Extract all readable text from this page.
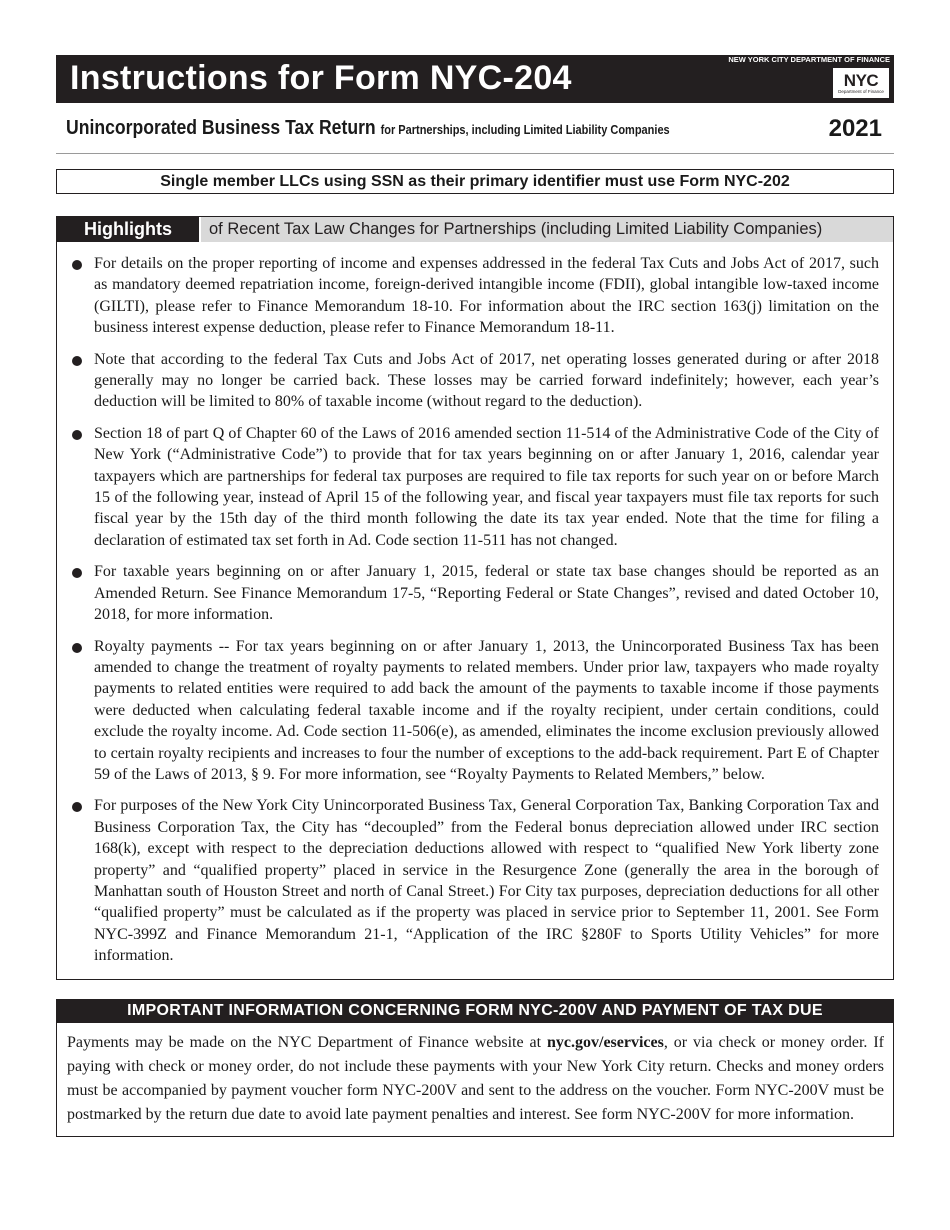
Instructions for Form NYC-204	NEW YORK CITY DEPARTMENT OF FINANCE
NYC
Department of Finance
Unincorporated Business Tax Return for Partnerships, including Limited Liability Companies	2021
Single member LLCs using SSN as their primary identifier must use Form NYC-202
Highlights	of Recent Tax Law Changes for Partnerships (including Limited Liability Companies)
For details on the proper reporting of income and expenses addressed in the federal Tax Cuts and Jobs Act of 2017, such as mandatory deemed repatriation income, foreign-derived intangible income (FDII), global intangible low-taxed income (GILTI), please refer to Finance Memorandum 18-10. For information about the IRC section 163(j) limitation on the business interest expense deduction, please refer to Finance Memorandum 18-11.
Note that according to the federal Tax Cuts and Jobs Act of 2017, net operating losses generated during or after 2018 generally may no longer be carried back. These losses may be carried forward indefinitely; however, each year’s deduction will be limited to 80% of taxable income (without regard to the deduction).
Section 18 of part Q of Chapter 60 of the Laws of 2016 amended section 11-514 of the Administrative Code of the City of New York (“Administrative Code”) to provide that for tax years beginning on or after January 1, 2016, calendar year taxpayers which are partnerships for federal tax purposes are required to file tax reports for such year on or before March 15 of the following year, instead of April 15 of the following year, and fiscal year taxpayers must file tax reports for such fiscal year by the 15th day of the third month following the date its tax year ended. Note that the time for filing a declaration of estimated tax set forth in Ad. Code section 11-511 has not changed.
For taxable years beginning on or after January 1, 2015, federal or state tax base changes should be reported as an Amended Return. See Finance Memorandum 17-5, “Reporting Federal or State Changes”, revised and dated October 10, 2018, for more information.
Royalty payments -- For tax years beginning on or after January 1, 2013, the Unincorporated Business Tax has been amended to change the treatment of royalty payments to related members. Under prior law, taxpayers who made royalty payments to related entities were required to add back the amount of the payments to taxable income if those payments were deducted when calculating federal taxable income and if the royalty recipient, under certain conditions, could exclude the royalty income. Ad. Code section 11-506(e), as amended, eliminates the income exclusion previously allowed to certain royalty recipients and increases to four the number of exceptions to the add-back requirement. Part E of Chapter 59 of the Laws of 2013, § 9. For more information, see “Royalty Payments to Related Members,” below.
For purposes of the New York City Unincorporated Business Tax, General Corporation Tax, Banking Corporation Tax and Business Corporation Tax, the City has “decoupled” from the Federal bonus depreciation allowed under IRC section 168(k), except with respect to the depreciation deductions allowed with respect to “qualified New York liberty zone property” and “qualified property” placed in service in the Resurgence Zone (generally the area in the borough of Manhattan south of Houston Street and north of Canal Street.) For City tax purposes, depreciation deductions for all other “qualified property” must be calculated as if the property was placed in service prior to September 11, 2001. See Form NYC-399Z and Finance Memorandum 21-1, “Application of the IRC §280F to Sports Utility Vehicles” for more information.
IMPORTANT INFORMATION CONCERNING FORM NYC-200V AND PAYMENT OF TAX DUE
Payments may be made on the NYC Department of Finance website at nyc.gov/eservices, or via check or money order. If paying with check or money order, do not include these payments with your New York City return. Checks and money orders must be accompanied by payment voucher form NYC-200V and sent to the address on the voucher. Form NYC-200V must be postmarked by the return due date to avoid late payment penalties and interest. See form NYC-200V for more information.
